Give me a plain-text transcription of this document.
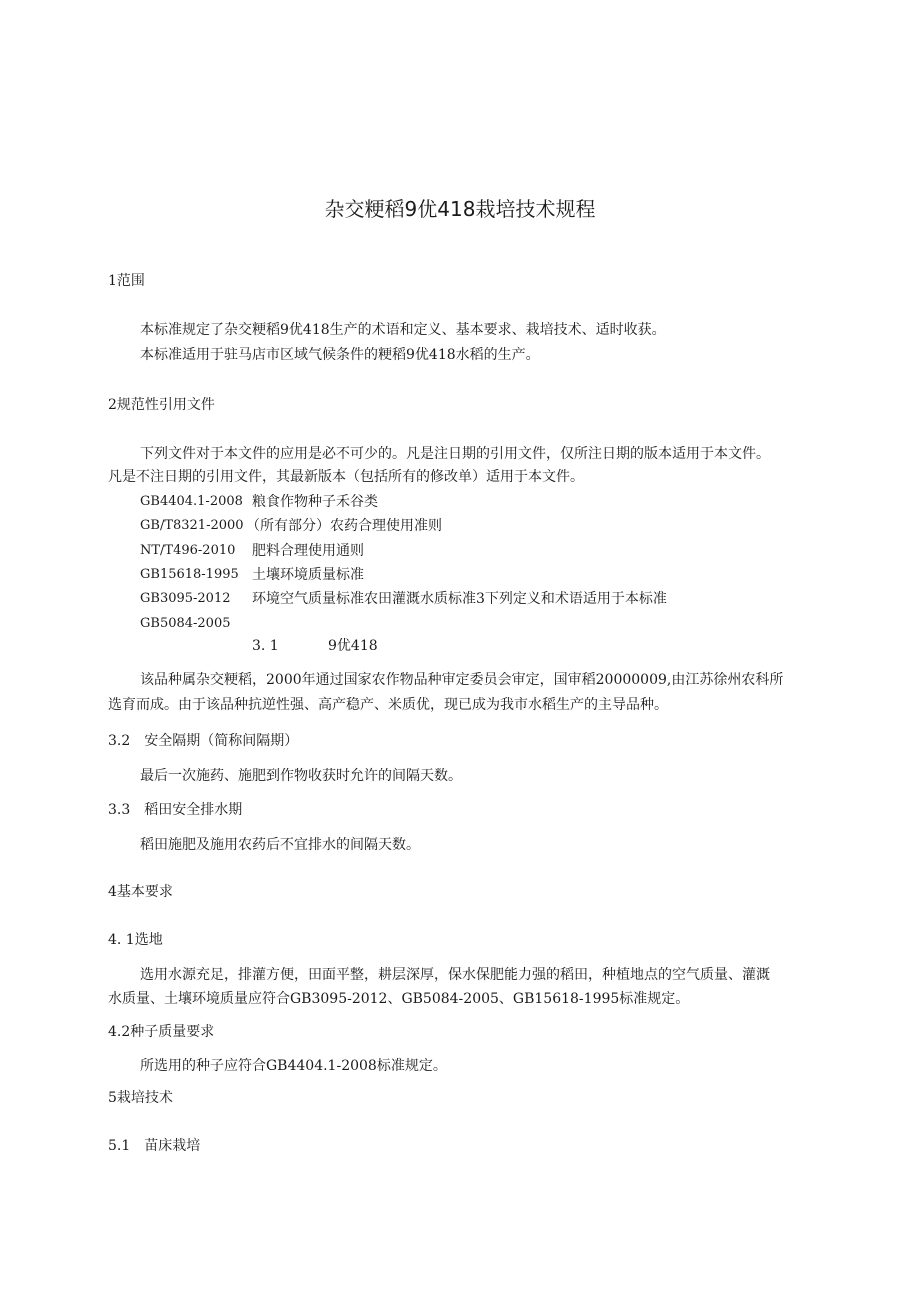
杂交粳稻9优418栽培技术规程
1范围
本标准规定了杂交粳稻9优418生产的术语和定义、基本要求、栽培技术、适时收获。
本标准适用于驻马店市区域气候条件的粳稻9优418水稻的生产。
2规范性引用文件
下列文件对于本文件的应用是必不可少的。凡是注日期的引用文件，仅所注日期的版本适用于本文件。
凡是不注日期的引用文件，其最新版本（包括所有的修改单）适用于本文件。
GB4404.1-2008 粮食作物种子禾谷类
GB/T8321-2000 （所有部分）农药合理使用准则
NT/T496-2010 肥料合理使用通则
GB15618-1995 土壤环境质量标准
GB3095-2012 环境空气质量标准农田灌溉水质标准3下列定义和术语适用于本标准
GB5084-2005
3. 1	9优418
该品种属杂交粳稻，2000年通过国家农作物品种审定委员会审定，国审稻20000009,由江苏徐州农科所
选育而成。由于该品种抗逆性强、高产稳产、米质优，现已成为我市水稻生产的主导品种。
3.2　安全隔期（简称间隔期）
最后一次施药、施肥到作物收获时允许的间隔天数。
3.3　稻田安全排水期
稻田施肥及施用农药后不宜排水的间隔天数。
4基本要求
4. 1选地
选用水源充足，排灌方便，田面平整，耕层深厚，保水保肥能力强的稻田，种植地点的空气质量、灌溉
水质量、土壤环境质量应符合GB3095-2012、GB5084-2005、GB15618-1995标准规定。
4.2种子质量要求
所选用的种子应符合GB4404.1-2008标准规定。
5栽培技术
5.1　苗床栽培
